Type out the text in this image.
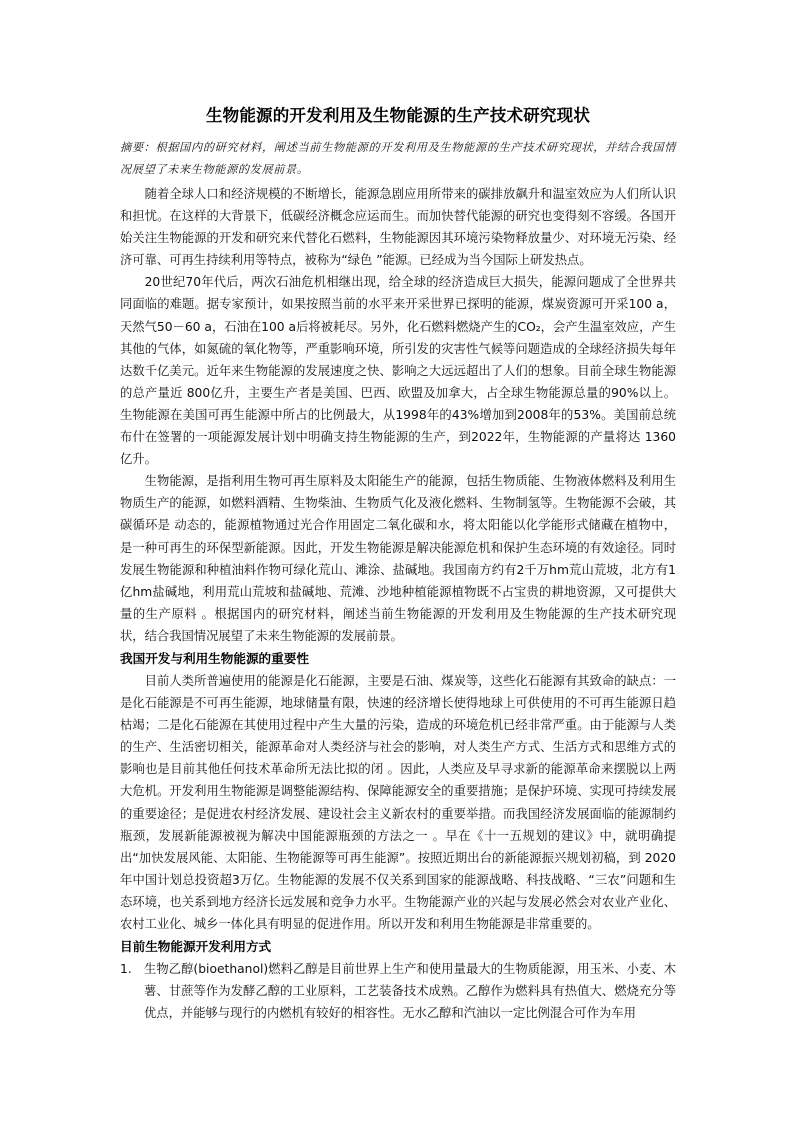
生物能源的开发利用及生物能源的生产技术研究现状
摘要：根据国内的研究材料，阐述当前生物能源的开发利用及生物能源的生产技术研究现状，并结合我国情况展望了未来生物能源的发展前景。

随着全球人口和经济规模的不断增长，能源急剧应用所带来的碳排放飙升和温室效应为人们所认识和担忧。在这样的大背景下，低碳经济概念应运而生。而加快替代能源的研究也变得刻不容缓。各国开始关注生物能源的开发和研究来代替化石燃料，生物能源因其环境污染物释放量少、对环境无污染、经济可靠、可再生持续利用等特点，被称为“绿色 ”能源。已经成为当今国际上研发热点。

20世纪70年代后，两次石油危机相继出现，给全球的经济造成巨大损失，能源问题成了全世界共同面临的难题。据专家预计，如果按照当前的水平来开采世界已探明的能源，煤炭资源可开采100 a，天然气50－60 a，石油在100 a后将被耗尽。另外，化石燃料燃烧产生的CO₂，会产生温室效应，产生其他的气体，如氮硫的氧化物等，严重影响环境，所引发的灾害性气候等问题造成的全球经济损失每年达数千亿美元。近年来生物能源的发展速度之快、影响之大远远超出了人们的想象。目前全球生物能源的总产量近 800亿升，主要生产者是美国、巴西、欧盟及加拿大，占全球生物能源总量的90%以上。生物能源在美国可再生能源中所占的比例最大，从1998年的43%增加到2008年的53%。美国前总统布什在签署的一项能源发展计划中明确支持生物能源的生产，到2022年，生物能源的产量将达 1360亿升。

生物能源，是指利用生物可再生原料及太阳能生产的能源，包括生物质能、生物液体燃料及利用生物质生产的能源，如燃料酒精、生物柴油、生物质气化及液化燃料、生物制氢等。生物能源不会破，其碳循环是 动态的，能源植物通过光合作用固定二氧化碳和水，将太阳能以化学能形式储藏在植物中，是一种可再生的环保型新能源。因此，开发生物能源是解决能源危机和保护生态环境的有效途径。同时发展生物能源和种植油料作物可绿化荒山、滩涂、盐碱地。我国南方约有2千万hm荒山荒坡，北方有1亿hm盐碱地，利用荒山荒坡和盐碱地、荒滩、沙地种植能源植物既不占宝贵的耕地资源，又可提供大量的生产原料 。根据国内的研究材料，阐述当前生物能源的开发利用及生物能源的生产技术研究现状，结合我国情况展望了未来生物能源的发展前景。

我国开发与利用生物能源的重要性

目前人类所普遍使用的能源是化石能源，主要是石油、煤炭等，这些化石能源有其致命的缺点：一是化石能源是不可再生能源，地球储量有限，快速的经济增长使得地球上可供使用的不可再生能源日趋枯竭；二是化石能源在其使用过程中产生大量的污染，造成的环境危机已经非常严重。由于能源与人类的生产、生活密切相关，能源革命对人类经济与社会的影响，对人类生产方式、生活方式和思维方式的影响也是目前其他任何技术革命所无法比拟的闭 。因此，人类应及早寻求新的能源革命来摆脱以上两大危机。开发利用生物能源是调整能源结构、保障能源安全的重要措施；是保护环境、实现可持续发展的重要途径；是促进农村经济发展、建设社会主义新农村的重要举措。而我国经济发展面临的能源制约瓶颈，发展新能源被视为解决中国能源瓶颈的方法之一 。早在《十一五规划的建议》中，就明确提出“加快发展风能、太阳能、生物能源等可再生能源”。按照近期出台的新能源振兴规划初稿，到 2020年中国计划总投资超3万亿。生物能源的发展不仅关系到国家的能源战略、科技战略、“三农”问题和生态环境，也关系到地方经济长远发展和竞争力水平。生物能源产业的兴起与发展必然会对农业产业化、农村工业化、城乡一体化具有明显的促进作用。所以开发和利用生物能源是非常重要的。

目前生物能源开发利用方式
1. 生物乙醇(bioethanol)燃料乙醇是目前世界上生产和使用量最大的生物质能源，用玉米、小麦、木薯、甘蔗等作为发酵乙醇的工业原料，工艺装备技术成熟。乙醇作为燃料具有热值大、燃烧充分等优点，并能够与现行的内燃机有较好的相容性。无水乙醇和汽油以一定比例混合可作为车用
